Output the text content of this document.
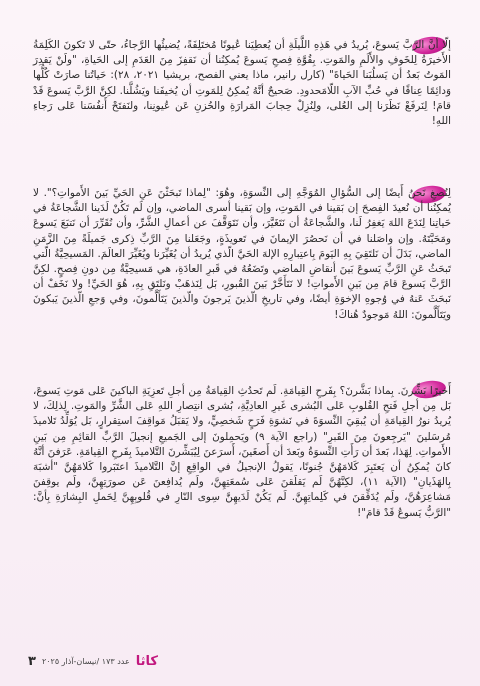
إلّا أنَّ الرَّبَّ يَسوعَ، يُريدُ في هَذِهِ اللَّيلَةِ أن يُعطِيَنا عُيونًا مُختَلِفَةً، يُضيئُها الرَّجاءُ، حتّى لا تَكونَ الكَلِمَةُ الأَخيرَةُ لِلخَوفِ والأَلَمِ والمَوتِ. بِقُوَّةِ فِصحِ يَسوعَ يُمكِنُنا أن نَقفِزَ مِنَ العَدَمِ إلى الحَياةِ، "ولَنْ يَقدِرَ المَوتُ بَعدُ أن يَسلُبَنا الحَياةَ" (كارل رانير، ماذا يعني الفصح، بريشيا ٢٠٢١، ٢٨): حَياتُنا صارَتْ كُلُّها وَدائِمًا عِناقًا في حُبِّ الآبِ اللّامَحدودِ. صَحيحٌ أنَّهُ يُمكِنُ لِلمَوتِ أن يُخيفَنا ويَشُلَّنا. لكِنَّ الرَّبَّ يَسوعَ قَدْ قامَ! لِنَرفَعْ نَظَرَنا إلى العُلى، ولِنُزِلْ حِجابَ المَرارَةِ والحُزنِ عَن عُيونِنا، ولنَفتَحْ أَنفُسَنا عَلى رَجاءِ اللهِ!
لِنُصغِ نَحنُ أَيضًا إلى السُّؤالِ المُوَجَّهِ إلى النِّسوَةِ، وهُوَ: "لِماذا تَبحَثْنَ عَنِ الحَيِّ بَينَ الأَمواتِ؟". لا يُمكِنُنا أن نُعيدَ الفِصحَ إن بَقينا في المَوتِ، وإن بَقينا أسرى الماضي، وإن لَم تَكُنْ لَدَينا الشَّجاعَةُ في حَياتِنا لِنَدَعَ اللهَ يَغفِرُ لَنا، والشَّجاعَةُ أن نَتَغَيَّرَ، وأن نَتَوَقَّفَ عن أعمالِ الشَّرِّ، وأن نُقَرِّرَ أن نَتبَعَ يَسوعَ ومَحَبَّتَهُ. وإن واصَلنا في أن نَحصُرَ الإيمانَ في تَعويذَةٍ، وجَعَلنا مِنَ الرَّبِّ ذِكرى جَميلَةً مِنَ الزَّمَنِ الماضي، بَدَلَ أن نَلتَقِيَ بِهِ اليَومَ بِاعتِبارِهِ الإلهَ الحَيَّ الّذي يُريدُ أن يُغَيِّرَنا ويُغَيِّرَ العالَمَ. المَسيحِيَّةُ الّتي تَبحَثُ عَنِ الرَّبِّ يَسوعَ بَينَ أنقاضِ الماضي وتَضَعُهُ في قَبرِ العادَةِ، هي مَسيحِيَّةٌ مِن دونِ فِصحٍ. لكِنَّ الرَّبَّ يَسوعَ قامَ مِن بَينِ الأَمواتِ! لا نَتَأَخَّرْ بَينَ القُبورِ، بَل لِنَذهَبْ ونَلتَقِ بِهِ، هُوَ الحَيِّ! ولا نَخَفْ أن نَبحَثَ عَنهُ في وُجوهِ الإخوَةِ أيضًا، وفي تاريخِ الّذينَ يَرجونَ والّذينَ يَتَأَلَّمونَ، وفي وَجعِ الّذينَ يَبكونَ ويَتَأَلَّمونَ: اللهُ مَوجودٌ هُناكَ!
أَخيرًا بَشِّرنَ. بِماذا بَشَّرنَ؟ بِفَرحِ القِيامَةِ. لَم تَحدُثِ القِيامَةُ مِن أجلِ تَعزِيَةِ الباكينَ عَلى مَوتِ يَسوعَ، بَل مِن أجلِ فَتحِ القُلوبِ عَلى البُشرى غَيرِ العادِيَّةِ، بُشرى انتِصارِ اللهِ عَلى الشَّرِّ والمَوتِ. لِذلِكَ، لا يُريدُ نورُ القِيامَةِ أن يُبقِيَ النِّسوَةَ في نَشوَةِ فَرَحٍ شَخصِيٍّ، ولا يَقبَلُ مَواقِفَ استِقرارٍ، بَل يُوَلِّدُ تَلاميذَ مُرسَلينَ "يَرجِعونَ مِنَ القَبرِ" (راجع الآية ٩) ويَحمِلونَ إلى الجَميعِ إنجيلَ الرَّبِّ القائِمِ مِن بَينِ الأَمواتِ. لِهَذا، بَعدَ أن رَأَتِ النِّسوَةُ وبَعدَ أن أَصغَينَ، أَسرَعنَ لِيُبَشِّرنَ التَّلاميذَ بِفَرحِ القِيامَةِ. عَرَفنَ أنَّهُ كانَ يُمكِنُ أن يَعتَبِرَ كَلامَهُنَّ جُنونًا، يَقولُ الإنجيلُ في الواقِعِ إنَّ التَّلاميذَ اعتَبَروا كَلامَهُنَّ "أشبَهَ بِالهَذَيانِ" (الآية ١١)، لكِنَّهُنَّ لَم يَقلَقنَ عَلى سُمعَتِهِنَّ، ولَم يُدافِعنَ عَن صورَتِهِنَّ، ولَم يوقِفنَ مَشاعِرَهُنَّ، ولَم يُدَقِّقنَ في كَلِماتِهِنَّ. لَم يَكُنْ لَدَيهِنَّ سِوى النّارِ في قُلوبِهِنَّ لِحَملِ البِشارَةِ بِأنَّ: "الرَّبُّ يَسوعُ قَدْ قامَ"!
٣ عدد ١٧٣ /نيسان-آذار ٢٠٢٥ كاثا
